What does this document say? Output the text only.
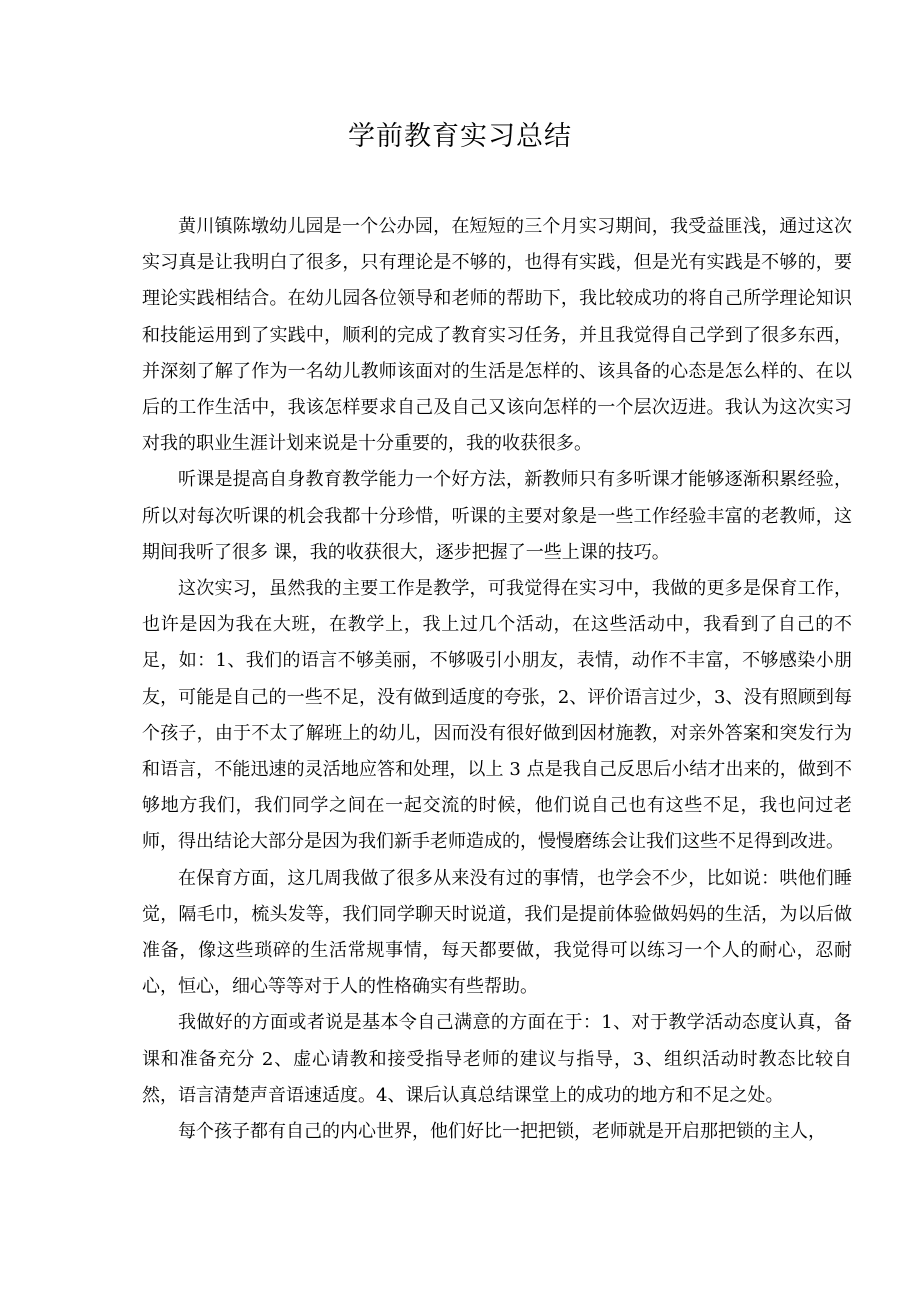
学前教育实习总结

黄川镇陈墩幼儿园是一个公办园，在短短的三个月实习期间，我受益匪浅，通过这次实习真是让我明白了很多，只有理论是不够的，也得有实践，但是光有实践是不够的，要理论实践相结合。在幼儿园各位领导和老师的帮助下，我比较成功的将自己所学理论知识和技能运用到了实践中，顺利的完成了教育实习任务，并且我觉得自己学到了很多东西，并深刻了解了作为一名幼儿教师该面对的生活是怎样的、该具备的心态是怎么样的、在以后的工作生活中，我该怎样要求自己及自己又该向怎样的一个层次迈进。我认为这次实习对我的职业生涯计划来说是十分重要的，我的收获很多。

听课是提高自身教育教学能力一个好方法，新教师只有多听课才能够逐渐积累经验，所以对每次听课的机会我都十分珍惜，听课的主要对象是一些工作经验丰富的老教师，这期间我听了很多 课，我的收获很大，逐步把握了一些上课的技巧。

这次实习，虽然我的主要工作是教学，可我觉得在实习中，我做的更多是保育工作，也许是因为我在大班，在教学上，我上过几个活动，在这些活动中，我看到了自己的不足，如：1、我们的语言不够美丽，不够吸引小朋友，表情，动作不丰富，不够感染小朋友，可能是自己的一些不足，没有做到适度的夸张，2、评价语言过少，3、没有照顾到每个孩子，由于不太了解班上的幼儿，因而没有很好做到因材施教，对亲外答案和突发行为和语言，不能迅速的灵活地应答和处理，以上 3 点是我自己反思后小结才出来的，做到不够地方我们，我们同学之间在一起交流的时候，他们说自己也有这些不足，我也问过老师，得出结论大部分是因为我们新手老师造成的，慢慢磨练会让我们这些不足得到改进。

在保育方面，这几周我做了很多从来没有过的事情，也学会不少，比如说：哄他们睡觉，隔毛巾，梳头发等，我们同学聊天时说道，我们是提前体验做妈妈的生活，为以后做准备，像这些琐碎的生活常规事情，每天都要做，我觉得可以练习一个人的耐心，忍耐心，恒心，细心等等对于人的性格确实有些帮助。

我做好的方面或者说是基本令自己满意的方面在于：1、对于教学活动态度认真，备课和准备充分 2、虚心请教和接受指导老师的建议与指导，3、组织活动时教态比较自然，语言清楚声音语速适度。4、课后认真总结课堂上的成功的地方和不足之处。

每个孩子都有自己的内心世界，他们好比一把把锁，老师就是开启那把锁的主人，
